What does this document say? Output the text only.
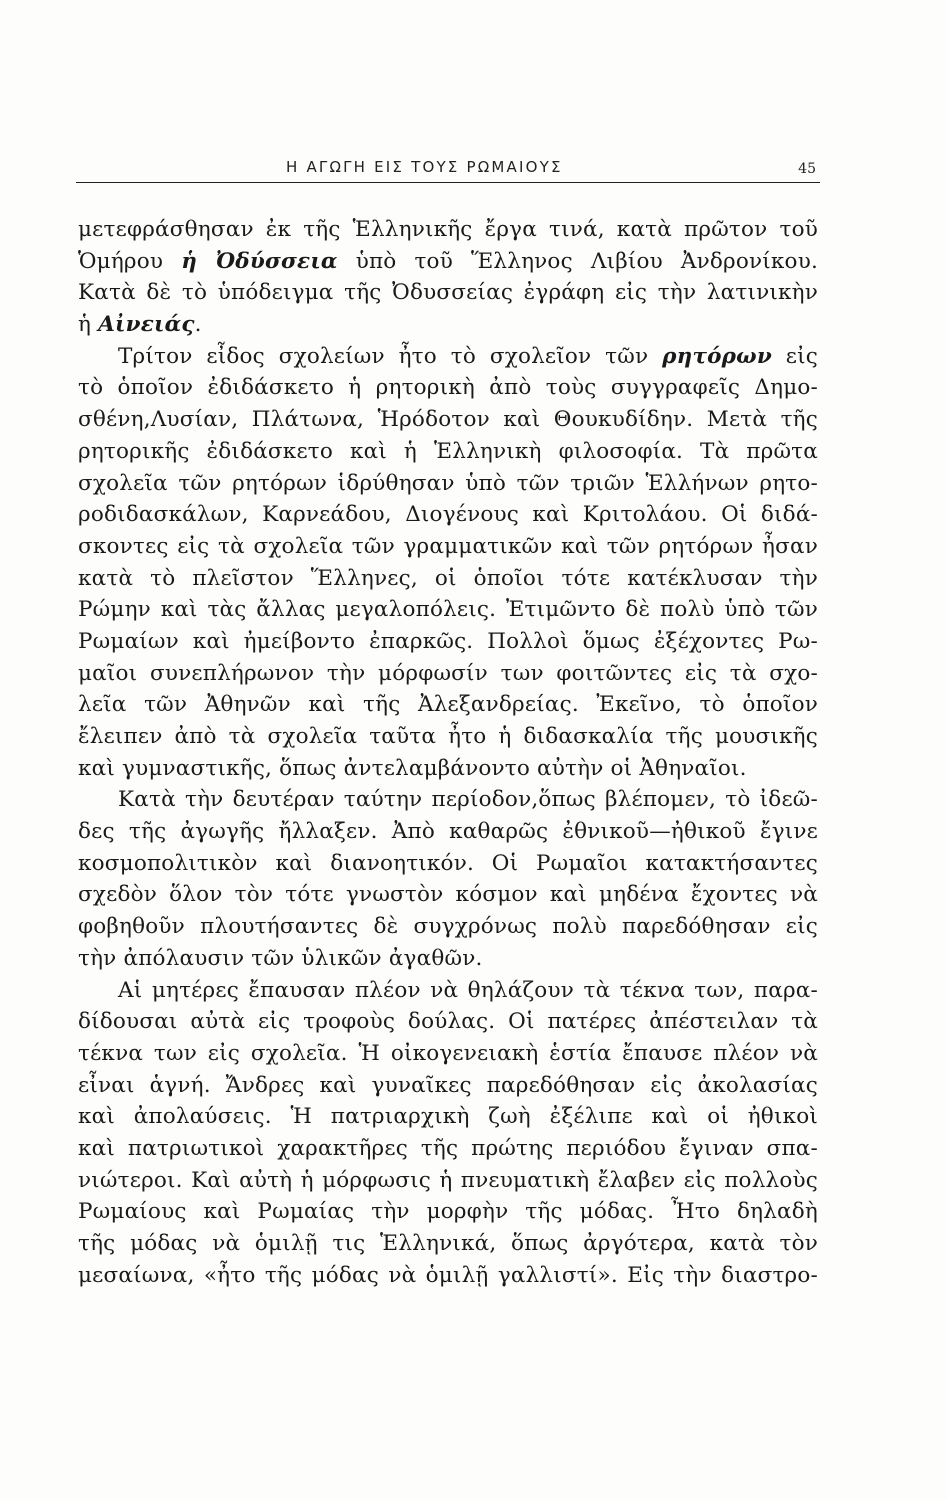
Η ΑΓΩΓΗ ΕΙΣ ΤΟΥΣ ΡΩΜΑΙΟΥΣ	45
μετεφράσθησαν ἐκ τῆς Ἑλληνικῆς ἔργα τινά, κατὰ πρῶτον τοῦ
Ὁμήρου ἡ Ὀδύσσεια ὑπὸ τοῦ Ἕλληνος Λιβίου Ἀνδρονίκου.
Κατὰ δὲ τὸ ὑπόδειγμα τῆς Ὀδυσσείας ἐγράφη εἰς τὴν λατινικὴν
ἡ Αἰνειάς.
Τρίτον εἶδος σχολείων ἦτο τὸ σχολεῖον τῶν ρητόρων εἰς
τὸ ὁποῖον ἐδιδάσκετο ἡ ρητορικὴ ἀπὸ τοὺς συγγραφεῖς Δημο-
σθένη,Λυσίαν, Πλάτωνα, Ἡρόδοτον καὶ Θουκυδίδην. Μετὰ τῆς
ρητορικῆς ἐδιδάσκετο καὶ ἡ Ἑλληνικὴ φιλοσοφία. Τὰ πρῶτα
σχολεῖα τῶν ρητόρων ἱδρύθησαν ὑπὸ τῶν τριῶν Ἑλλήνων ρητο-
ροδιδασκάλων, Καρνεάδου, Διογένους καὶ Κριτολάου. Οἱ διδά-
σκοντες εἰς τὰ σχολεῖα τῶν γραμματικῶν καὶ τῶν ρητόρων ἦσαν
κατὰ τὸ πλεῖστον Ἕλληνες, οἱ ὁποῖοι τότε κατέκλυσαν τὴν
Ρώμην καὶ τὰς ἄλλας μεγαλοπόλεις. Ἐτιμῶντο δὲ πολὺ ὑπὸ τῶν
Ρωμαίων καὶ ἠμείβοντο ἐπαρκῶς. Πολλοὶ ὅμως ἐξέχοντες Ρω-
μαῖοι συνεπλήρωνον τὴν μόρφωσίν των φοιτῶντες εἰς τὰ σχο-
λεῖα τῶν Ἀθηνῶν καὶ τῆς Ἀλεξανδρείας. Ἐκεῖνο, τὸ ὁποῖον
ἔλειπεν ἀπὸ τὰ σχολεῖα ταῦτα ἦτο ἡ διδασκαλία τῆς μουσικῆς
καὶ γυμναστικῆς, ὅπως ἀντελαμβάνοντο αὐτὴν οἱ Ἀθηναῖοι.
Κατὰ τὴν δευτέραν ταύτην περίοδον,ὅπως βλέπομεν, τὸ ἰδεῶ-
δες τῆς ἀγωγῆς ἤλλαξεν. Ἀπὸ καθαρῶς ἐθνικοῦ—ἠθικοῦ ἔγινε
κοσμοπολιτικὸν καὶ διανοητικόν. Οἱ Ρωμαῖοι κατακτήσαντες
σχεδὸν ὅλον τὸν τότε γνωστὸν κόσμον καὶ μηδένα ἔχοντες νὰ
φοβηθοῦν πλουτήσαντες δὲ συγχρόνως πολὺ παρεδόθησαν εἰς
τὴν ἀπόλαυσιν τῶν ὑλικῶν ἀγαθῶν.
Αἱ μητέρες ἔπαυσαν πλέον νὰ θηλάζουν τὰ τέκνα των, παρα-
δίδουσαι αὐτὰ εἰς τροφοὺς δούλας. Οἱ πατέρες ἀπέστειλαν τὰ
τέκνα των εἰς σχολεῖα. Ἡ οἰκογενειακὴ ἑστία ἔπαυσε πλέον νὰ
εἶναι ἁγνή. Ἄνδρες καὶ γυναῖκες παρεδόθησαν εἰς ἀκολασίας
καὶ ἀπολαύσεις. Ἡ πατριαρχικὴ ζωὴ ἐξέλιπε καὶ οἱ ἠθικοὶ
καὶ πατριωτικοὶ χαρακτῆρες τῆς πρώτης περιόδου ἔγιναν σπα-
νιώτεροι. Καὶ αὐτὴ ἡ μόρφωσις ἡ πνευματικὴ ἔλαβεν εἰς πολλοὺς
Ρωμαίους καὶ Ρωμαίας τὴν μορφὴν τῆς μόδας. Ἦτο δηλαδὴ
τῆς μόδας νὰ ὁμιλῇ τις Ἑλληνικά, ὅπως ἀργότερα, κατὰ τὸν
μεσαίωνα, «ἦτο τῆς μόδας νὰ ὁμιλῇ γαλλιστί». Εἰς τὴν διαστρο-
